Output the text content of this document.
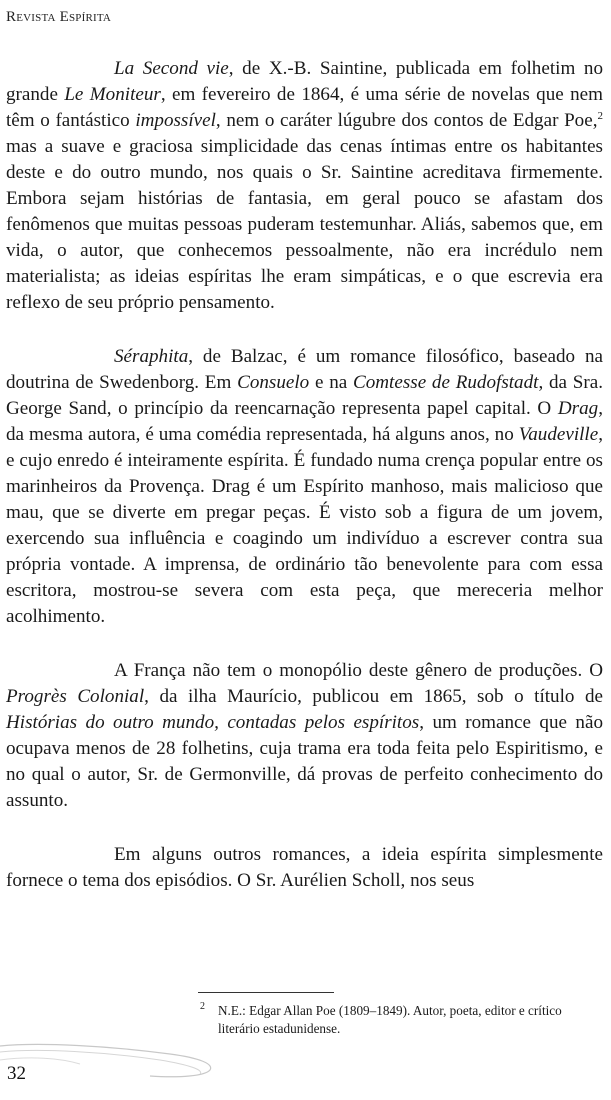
Revista Espírita

La Second vie, de X.-B. Saintine, publicada em folhetim no grande Le Moniteur, em fevereiro de 1864, é uma série de novelas que nem têm o fantástico impossível, nem o caráter lúgubre dos contos de Edgar Poe,$^2$ mas a suave e graciosa simplicidade das cenas íntimas entre os habitantes deste e do outro mundo, nos quais o Sr. Saintine acreditava firmemente. Embora sejam histórias de fantasia, em geral pouco se afastam dos fenômenos que muitas pessoas puderam testemunhar. Aliás, sabemos que, em vida, o autor, que conhecemos pessoalmente, não era incrédulo nem materialista; as ideias espíritas lhe eram simpáticas, e o que escrevia era reflexo de seu próprio pensamento.

Séraphita, de Balzac, é um romance filosófico, baseado na doutrina de Swedenborg. Em Consuelo e na Comtesse de Rudofstadt, da Sra. George Sand, o princípio da reencarnação representa papel capital. O Drag, da mesma autora, é uma comédia representada, há alguns anos, no Vaudeville, e cujo enredo é inteiramente espírita. É fundado numa crença popular entre os marinheiros da Provença. Drag é um Espírito manhoso, mais malicioso que mau, que se diverte em pregar peças. É visto sob a figura de um jovem, exercendo sua influência e coagindo um indivíduo a escrever contra sua própria vontade. A imprensa, de ordinário tão benevolente para com essa escritora, mostrou-se severa com esta peça, que mereceria melhor acolhimento.

A França não tem o monopólio deste gênero de produções. O Progrès Colonial, da ilha Maurício, publicou em 1865, sob o título de Histórias do outro mundo, contadas pelos espíritos, um romance que não ocupava menos de 28 folhetins, cuja trama era toda feita pelo Espiritismo, e no qual o autor, Sr. de Germonville, dá provas de perfeito conhecimento do assunto.

Em alguns outros romances, a ideia espírita simplesmente fornece o tema dos episódios. O Sr. Aurélien Scholl, nos seus

2 N.E.: Edgar Allan Poe (1809–1849). Autor, poeta, editor e crítico literário estadunidense.
32
